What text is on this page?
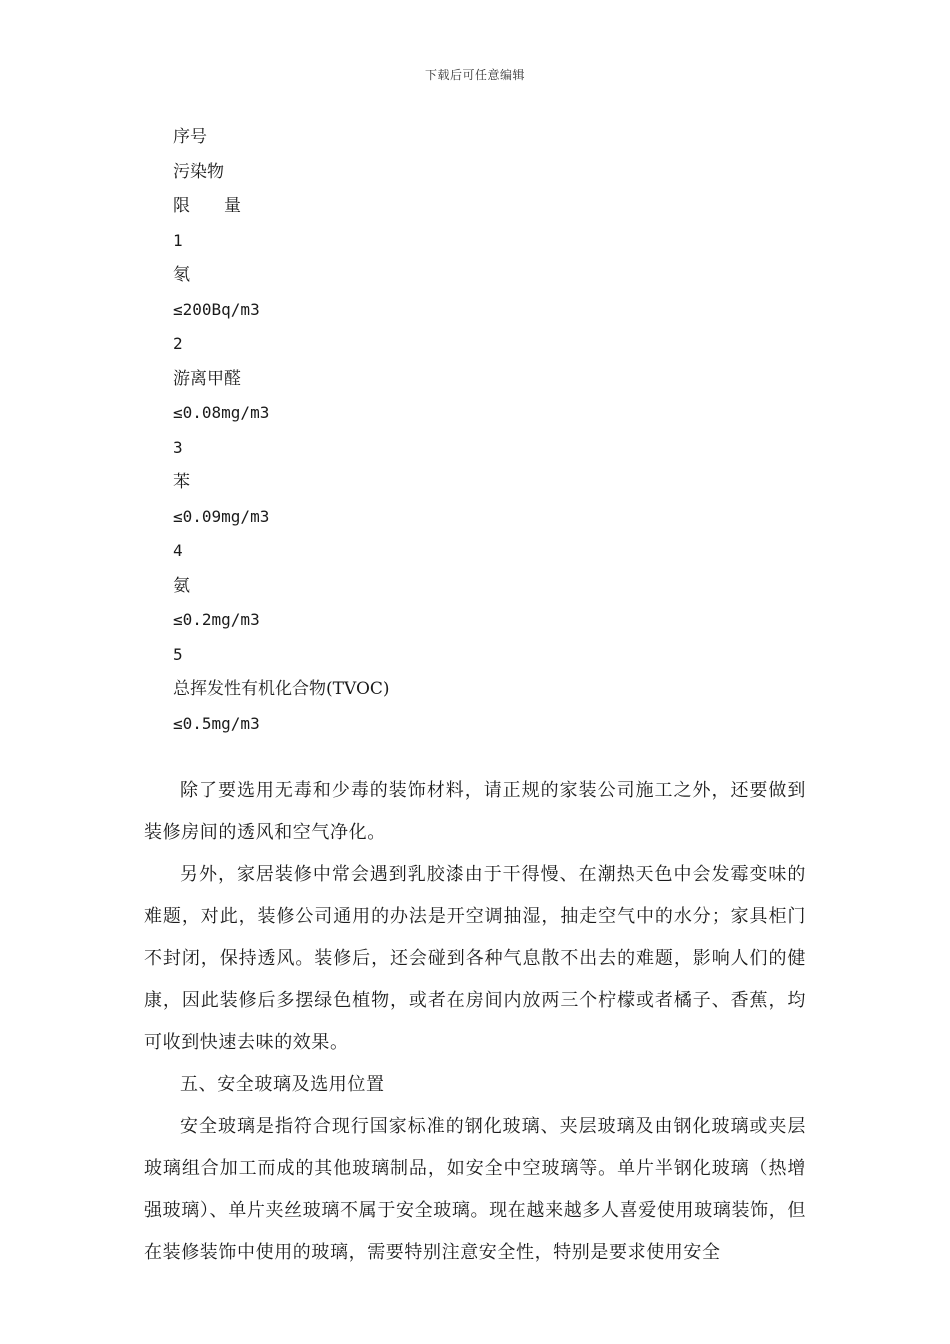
下载后可任意编辑
序号
污染物
限　　量
1
氡
≤200Bq/m3
2
游离甲醛
≤0.08mg/m3
3
苯
≤0.09mg/m3
4
氨
≤0.2mg/m3
5
总挥发性有机化合物(TVOC)
≤0.5mg/m3

除了要选用无毒和少毒的装饰材料，请正规的家装公司施工之外，还要做到装修房间的透风和空气净化。

另外，家居装修中常会遇到乳胶漆由于干得慢、在潮热天色中会发霉变味的难题，对此，装修公司通用的办法是开空调抽湿，抽走空气中的水分；家具柜门不封闭，保持透风。装修后，还会碰到各种气息散不出去的难题，影响人们的健康，因此装修后多摆绿色植物，或者在房间内放两三个柠檬或者橘子、香蕉，均可收到快速去味的效果。

五、安全玻璃及选用位置

安全玻璃是指符合现行国家标准的钢化玻璃、夹层玻璃及由钢化玻璃或夹层玻璃组合加工而成的其他玻璃制品，如安全中空玻璃等。单片半钢化玻璃（热增强玻璃）、单片夹丝玻璃不属于安全玻璃。现在越来越多人喜爱使用玻璃装饰，但在装修装饰中使用的玻璃，需要特别注意安全性，特别是要求使用安全
